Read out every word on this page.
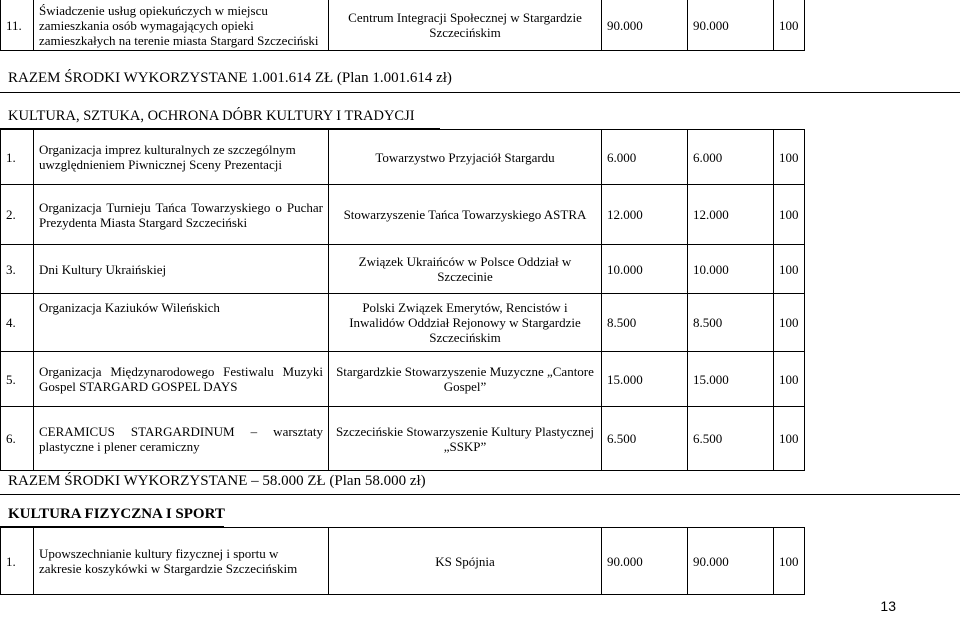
11.	Świadczenie usług opiekuńczych w miejscu zamieszkania osób wymagających opieki zamieszkałych na terenie miasta Stargard Szczeciński	Centrum Integracji Społecznej w Stargardzie Szczecińskim	90.000	90.000	100
RAZEM ŚRODKI WYKORZYSTANE 1.001.614 ZŁ (Plan 1.001.614 zł)
KULTURA, SZTUKA, OCHRONA DÓBR KULTURY I TRADYCJI
1.	Organizacja imprez kulturalnych ze szczególnym uwzględnieniem Piwnicznej Sceny Prezentacji	Towarzystwo Przyjaciół Stargardu	6.000	6.000	100
2.	Organizacja Turnieju Tańca Towarzyskiego o Puchar Prezydenta Miasta Stargard Szczeciński	Stowarzyszenie Tańca Towarzyskiego ASTRA	12.000	12.000	100
3.	Dni Kultury Ukraińskiej	Związek Ukraińców w Polsce Oddział w Szczecinie	10.000	10.000	100
4.	Organizacja Kaziuków Wileńskich	Polski Związek Emerytów, Rencistów i Inwalidów Oddział Rejonowy w Stargardzie Szczecińskim	8.500	8.500	100
5.	Organizacja Międzynarodowego Festiwalu Muzyki Gospel STARGARD GOSPEL DAYS	Stargardzkie Stowarzyszenie Muzyczne „Cantore Gospel”	15.000	15.000	100
6.	CERAMICUS STARGARDINUM – warsztaty plastyczne i plener ceramiczny	Szczecińskie Stowarzyszenie Kultury Plastycznej „SSKP”	6.500	6.500	100
RAZEM ŚRODKI WYKORZYSTANE – 58.000 ZŁ (Plan 58.000 zł)
KULTURA FIZYCZNA I SPORT
1.	Upowszechnianie kultury fizycznej i sportu w zakresie koszykówki w Stargardzie Szczecińskim	KS Spójnia	90.000	90.000	100
13
